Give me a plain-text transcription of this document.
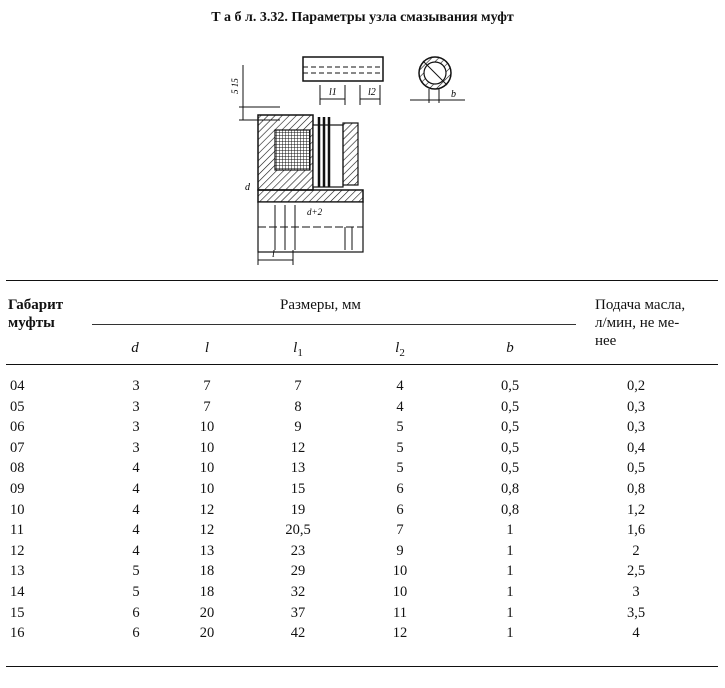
Т а б л. 3.32. Параметры узла смазывания муфт
l1	l2	b
5 15
d
d+2
l
Габарит
муфты
Размеры, мм	Подача масла,
л/мин, не ме-
нее
d	l	$l_1$	$l_2$	b
04	3	7	7	4	0,5	0,2
05	3	7	8	4	0,5	0,3
06	3	10	9	5	0,5	0,3
07	3	10	12	5	0,5	0,4
08	4	10	13	5	0,5	0,5
09	4	10	15	6	0,8	0,8
10	4	12	19	6	0,8	1,2
11	4	12	20,5	7	1	1,6
12	4	13	23	9	1	2
13	5	18	29	10	1	2,5
14	5	18	32	10	1	3
15	6	20	37	11	1	3,5
16	6	20	42	12	1	4
